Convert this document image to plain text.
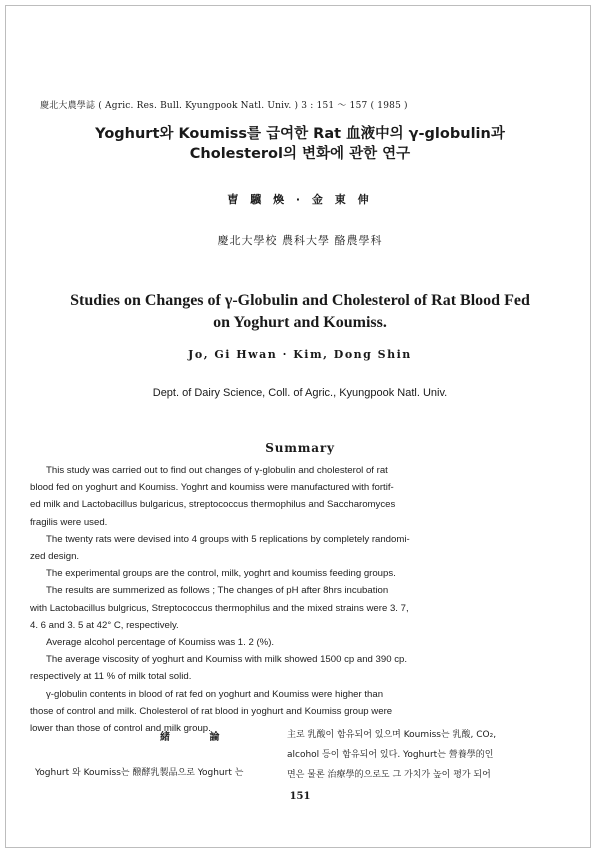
慶北大農學誌 ( Agric. Res. Bull. Kyungpook Natl. Univ. ) 3 : 151 ～ 157 ( 1985 )
Yoghurt와 Koumiss를 급여한 Rat 血液中의 γ-globulin과
Cholesterol의 변화에 관한 연구
曺 驥 煥 · 金 東 伸
慶北大學校 農科大學 酪農學科
Studies on Changes of γ-Globulin and Cholesterol of Rat Blood Fed
on Yoghurt and Koumiss.
Jo, Gi Hwan · Kim, Dong Shin
Dept. of Dairy Science, Coll. of Agric., Kyungpook Natl. Univ.
Summary
This study was carried out to find out changes of γ-globulin and cholesterol of rat
blood fed on yoghurt and Koumiss. Yoghrt and koumiss were manufactured with fortif-
ed milk and Lactobacillus bulgaricus, streptococcus thermophilus and Saccharomyces
fragilis were used.
The twenty rats were devised into 4 groups with 5 replications by completely randomi-
zed design.
The experimental groups are the control, milk, yoghrt and koumiss feeding groups.
The results are summerized as follows ; The changes of pH after 8hrs incubation
with Lactobacillus bulgricus, Streptococcus thermophilus and the mixed strains were 3. 7,
4. 6 and 3. 5 at 42° C, respectively.
Average alcohol percentage of Koumiss was 1. 2 (%).
The average viscosity of yoghurt and Koumiss with milk showed 1500 cp and 390 cp.
respectively at 11 % of milk total solid.
γ-globulin contents in blood of rat fed on yoghurt and Koumiss were higher than
those of control and milk. Cholesterol of rat blood in yoghurt and Koumiss group were
lower than those of control and milk group.
緒 論
Yoghurt 와 Koumiss는 醱酵乳製品으로 Yoghurt 는
主로 乳酸이 함유되어 있으며 Koumiss는 乳酸, CO₂,
alcohol 등이 함유되어 있다. Yoghurt는 營養學的인
면은 물론 治療學的으로도 그 가치가 높이 평가 되어
151
